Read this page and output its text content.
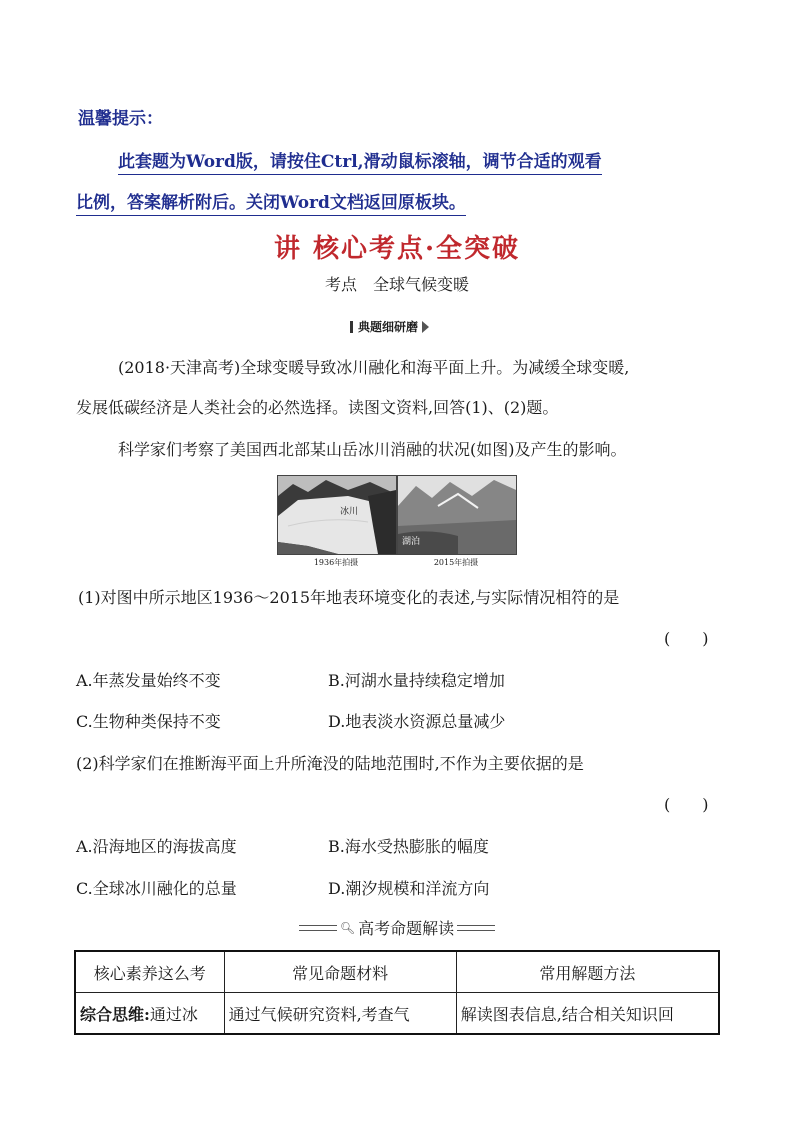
温馨提示：
此套题为Word版，请按住Ctrl,滑动鼠标滚轴，调节合适的观看
比例，答案解析附后。关闭Word文档返回原板块。
讲 核心考点·全突破
考点　全球气候变暖
典题细研磨
(2018·天津高考)全球变暖导致冰川融化和海平面上升。为减缓全球变暖,
发展低碳经济是人类社会的必然选择。读图文资料,回答(1)、(2)题。
科学家们考察了美国西北部某山岳冰川消融的状况(如图)及产生的影响。
冰川
1936年拍摄
湖泊
2015年拍摄
(1)对图中所示地区1936～2015年地表环境变化的表述,与实际情况相符的是
(　　)
A.年蒸发量始终不变	B.河湖水量持续稳定增加
C.生物种类保持不变	D.地表淡水资源总量减少
(2)科学家们在推断海平面上升所淹没的陆地范围时,不作为主要依据的是
(　　)
A.沿海地区的海拔高度	B.海水受热膨胀的幅度
C.全球冰川融化的总量	D.潮汐规模和洋流方向
🔍︎ 高考命题解读
核心素养这么考	常见命题材料	常用解题方法
综合思维:通过冰	通过气候研究资料,考查气	解读图表信息,结合相关知识回
